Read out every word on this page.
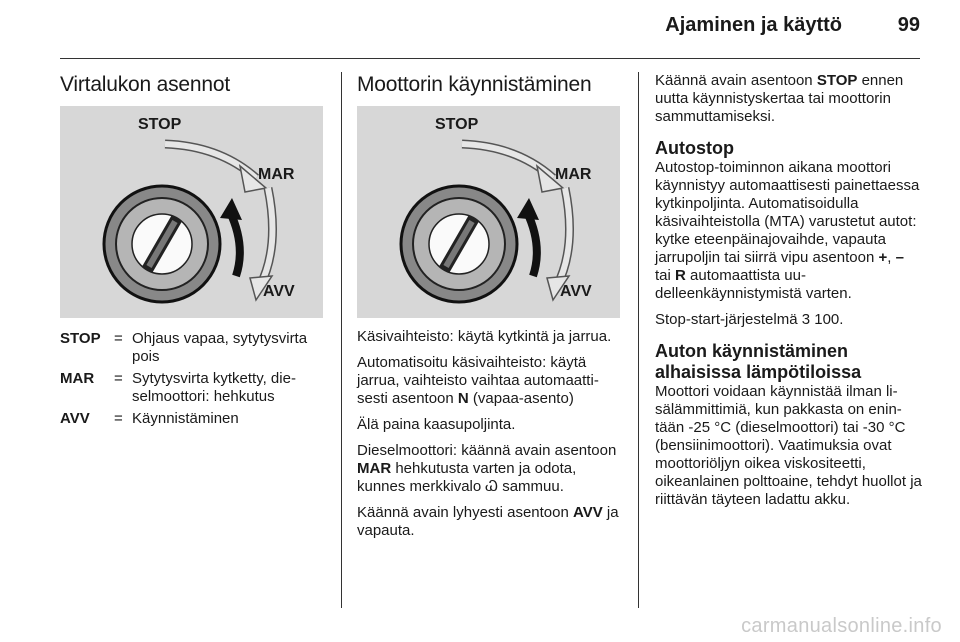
Ajaminen ja käyttö	99
Virtalukon asennot
STOP
MAR
AVV
STOP = Ohjaus vapaa, sytytysvirta pois
MAR	= Sytytysvirta kytketty, dieselmoottori: hehkutus
AVV	= Käynnistäminen
Moottorin käynnistäminen
STOP
MAR
AVV

Käsivaihteisto: käytä kytkintä ja jarrua.

Automatisoitu käsivaihteisto: käytä jarrua, vaihteisto vaihtaa automaattisesti asentoon N (vapaa-asento)

Älä paina kaasupoljinta.

Dieselmoottori: käännä avain asentoon MAR hehkutusta varten ja odota, kunnes merkkivalo Ꮗ sammuu.

Käännä avain lyhyesti asentoon AVV ja vapauta.

Käännä avain asentoon STOP ennen uutta käynnistyskertaa tai moottorin sammuttamiseksi.

Autostop

Autostop-toiminnon aikana moottori käynnistyy automaattisesti painettaessa kytkinpoljinta. Automatisoidulla käsivaihteistolla (MTA) varustetut autot: kytke eteenpäinajovaihde, vapauta jarrupoljin tai siirrä vipu asentoon +, – tai R automaattista uudelleenkäynnistymistä varten.

Stop-start-järjestelmä 3 100.

Auton käynnistäminen alhaisissa lämpötiloissa

Moottori voidaan käynnistää ilman lisälämmittimiä, kun pakkasta on enintään -25 °C (dieselmoottori) tai -30 °C (bensiinimoottori). Vaatimuksia ovat moottoriöljyn oikea viskositeetti, oikeanlainen polttoaine, tehdyt huollot ja riittävän täyteen ladattu akku.

carmanualsonline.info
